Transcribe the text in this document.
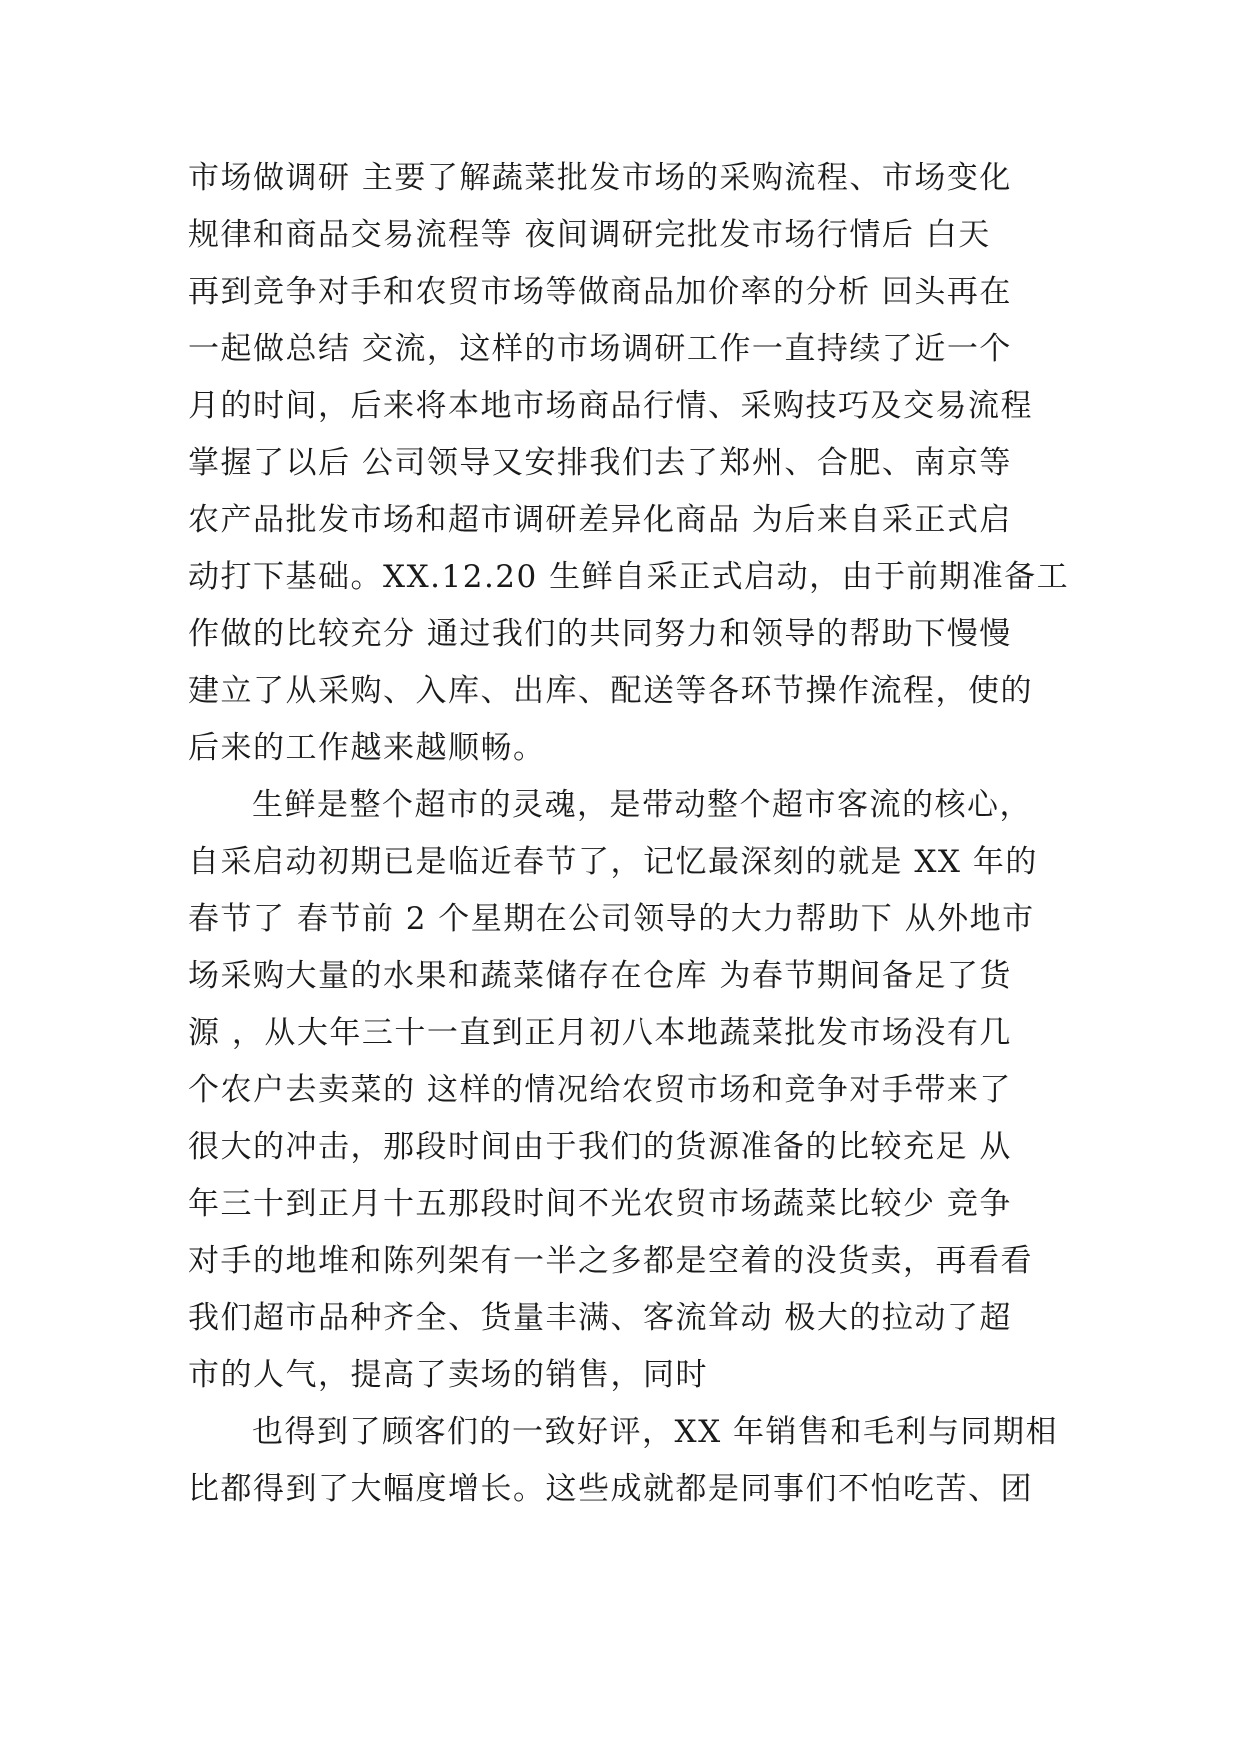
市场做调研 主要了解蔬菜批发市场的采购流程、市场变化
规律和商品交易流程等 夜间调研完批发市场行情后 白天
再到竞争对手和农贸市场等做商品加价率的分析 回头再在
一起做总结 交流，这样的市场调研工作一直持续了近一个
月的时间，后来将本地市场商品行情、采购技巧及交易流程
掌握了以后 公司领导又安排我们去了郑州、合肥、南京等
农产品批发市场和超市调研差异化商品 为后来自采正式启
动打下基础。XX.12.20 生鲜自采正式启动，由于前期准备工
作做的比较充分 通过我们的共同努力和领导的帮助下慢慢
建立了从采购、入库、出库、配送等各环节操作流程，使的
后来的工作越来越顺畅。
生鲜是整个超市的灵魂，是带动整个超市客流的核心，
自采启动初期已是临近春节了，记忆最深刻的就是 XX 年的
春节了 春节前 2 个星期在公司领导的大力帮助下 从外地市
场采购大量的水果和蔬菜储存在仓库 为春节期间备足了货
源 ，从大年三十一直到正月初八本地蔬菜批发市场没有几
个农户去卖菜的 这样的情况给农贸市场和竞争对手带来了
很大的冲击，那段时间由于我们的货源准备的比较充足 从
年三十到正月十五那段时间不光农贸市场蔬菜比较少 竞争
对手的地堆和陈列架有一半之多都是空着的没货卖，再看看
我们超市品种齐全、货量丰满、客流耸动 极大的拉动了超
市的人气，提高了卖场的销售，同时
也得到了顾客们的一致好评，XX 年销售和毛利与同期相
比都得到了大幅度增长。这些成就都是同事们不怕吃苦、团
